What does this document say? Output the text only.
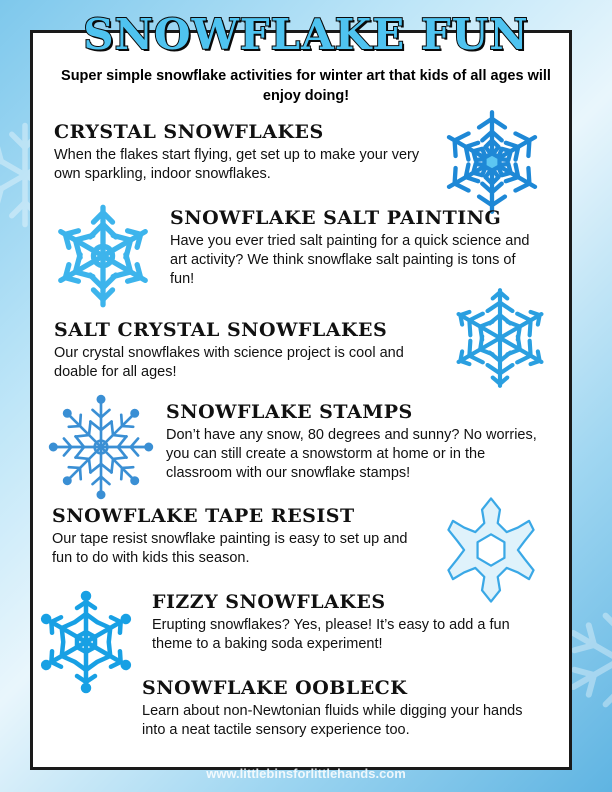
SNOWFLAKE FUN
Super simple snowflake activities for winter art that kids of all ages will enjoy doing!
CRYSTAL SNOWFLAKES

When the flakes start flying, get set up to make your very own sparkling, indoor snowflakes.

SNOWFLAKE SALT PAINTING

Have you ever tried salt painting for a quick science and art activity? We think snowflake salt painting is tons of fun!

SALT CRYSTAL SNOWFLAKES

Our crystal snowflakes with science project is cool and doable for all ages!

SNOWFLAKE STAMPS

Don’t have any snow, 80 degrees and sunny? No worries, you can still create a snowstorm at home or in the classroom with our snowflake stamps!

SNOWFLAKE TAPE RESIST

Our tape resist snowflake painting is easy to set up and fun to do with kids this season.

FIZZY SNOWFLAKES

Erupting snowflakes? Yes, please! It’s easy to add a fun theme to a baking soda experiment!

SNOWFLAKE OOBLECK

Learn about non-Newtonian fluids while digging your hands into a neat tactile sensory experience too.

www.littlebinsforlittlehands.com
